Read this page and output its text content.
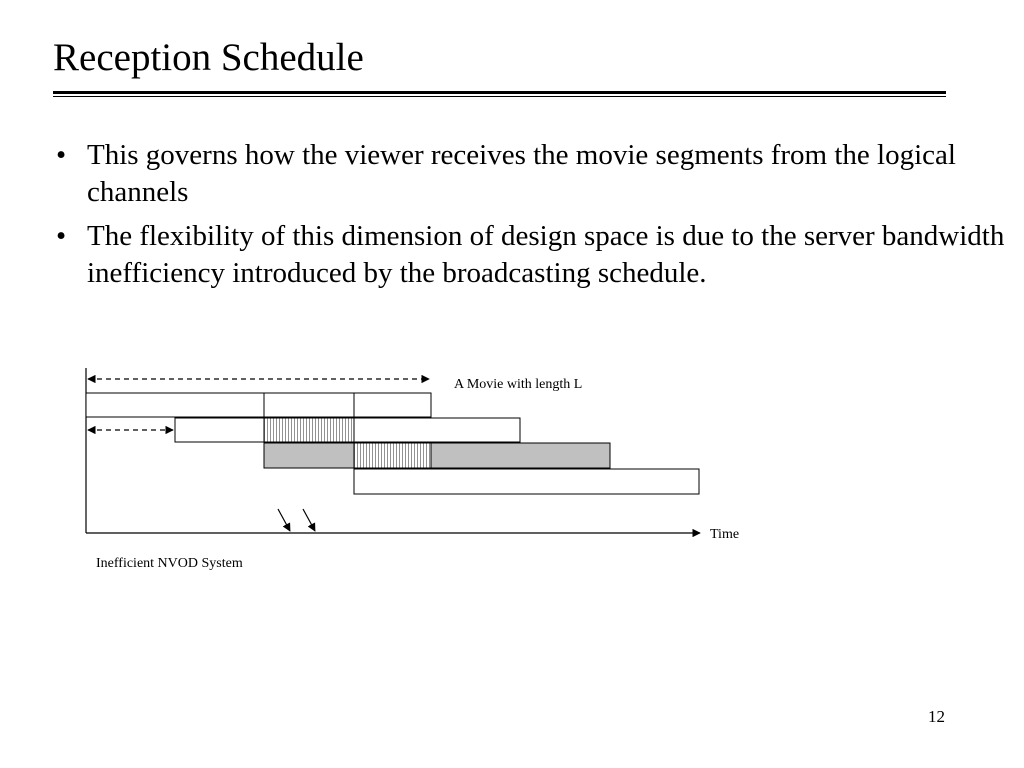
Reception Schedule
• This governs how the viewer receives the movie segments from the logical channels
• The flexibility of this dimension of design space is due to the server bandwidth inefficiency introduced by the broadcasting schedule.
A Movie with length L
Time
Inefficient NVOD System
12
